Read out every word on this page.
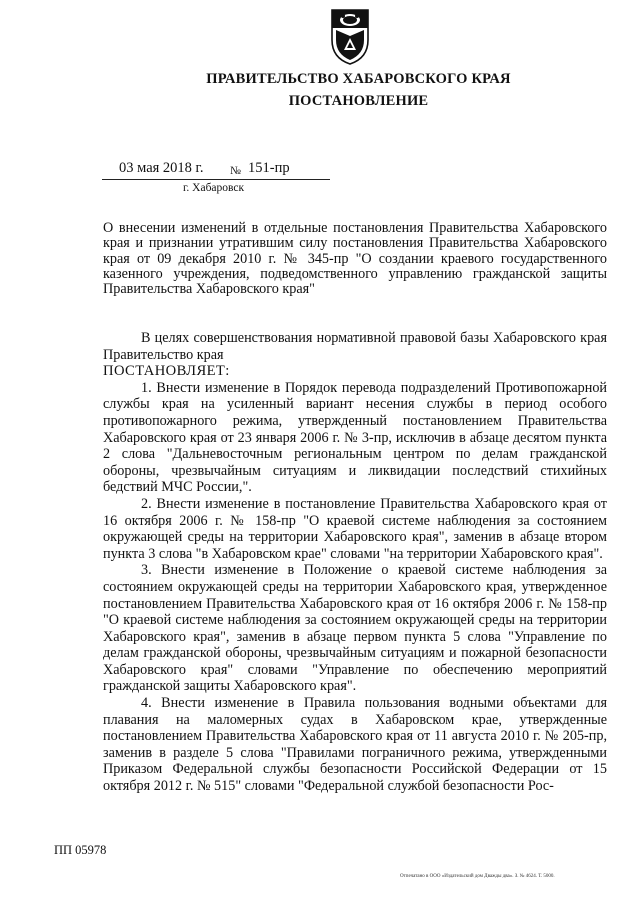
ПРАВИТЕЛЬСТВО ХАБАРОВСКОГО КРАЯ
ПОСТАНОВЛЕНИЕ
03 мая 2018 г. № 151-пр
г. Хабаровск
О внесении изменений в отдельные постановления Правительства Хабаровского края и признании утратившим силу постановления Правительства Хабаровского края от 09 декабря 2010 г. № 345-пр "О создании краевого государственного казенного учреждения, подведомственного управлению гражданской защиты Правительства Хабаровского края"

В целях совершенствования нормативной правовой базы Хабаровского края Правительство края

ПОСТАНОВЛЯЕТ:

1. Внести изменение в Порядок перевода подразделений Противопожарной службы края на усиленный вариант несения службы в период особого противопожарного режима, утвержденный постановлением Правительства Хабаровского края от 23 января 2006 г. № 3-пр, исключив в абзаце десятом пункта 2 слова "Дальневосточным региональным центром по делам гражданской обороны, чрезвычайным ситуациям и ликвидации последствий стихийных бедствий МЧС России,".

2. Внести изменение в постановление Правительства Хабаровского края от 16 октября 2006 г. № 158-пр "О краевой системе наблюдения за состоянием окружающей среды на территории Хабаровского края", заменив в абзаце втором пункта 3 слова "в Хабаровском крае" словами "на территории Хабаровского края".

3. Внести изменение в Положение о краевой системе наблюдения за состоянием окружающей среды на территории Хабаровского края, утвержденное постановлением Правительства Хабаровского края от 16 октября 2006 г. № 158-пр "О краевой системе наблюдения за состоянием окружающей среды на территории Хабаровского края", заменив в абзаце первом пункта 5 слова "Управление по делам гражданской обороны, чрезвычайным ситуациям и пожарной безопасности Хабаровского края" словами "Управление по обеспечению мероприятий гражданской защиты Хабаровского края".

4. Внести изменение в Правила пользования водными объектами для плавания на маломерных судах в Хабаровском крае, утвержденные постановлением Правительства Хабаровского края от 11 августа 2010 г. № 205-пр, заменив в разделе 5 слова "Правилами пограничного режима, утвержденными Приказом Федеральной службы безопасности Российской Федерации от 15 октября 2012 г. № 515" словами "Федеральной службой безопасности Рос-

ПП 05978
Отпечатано в ООО «Издательский дом Дважды два». З. № 4624. Т. 5000.
